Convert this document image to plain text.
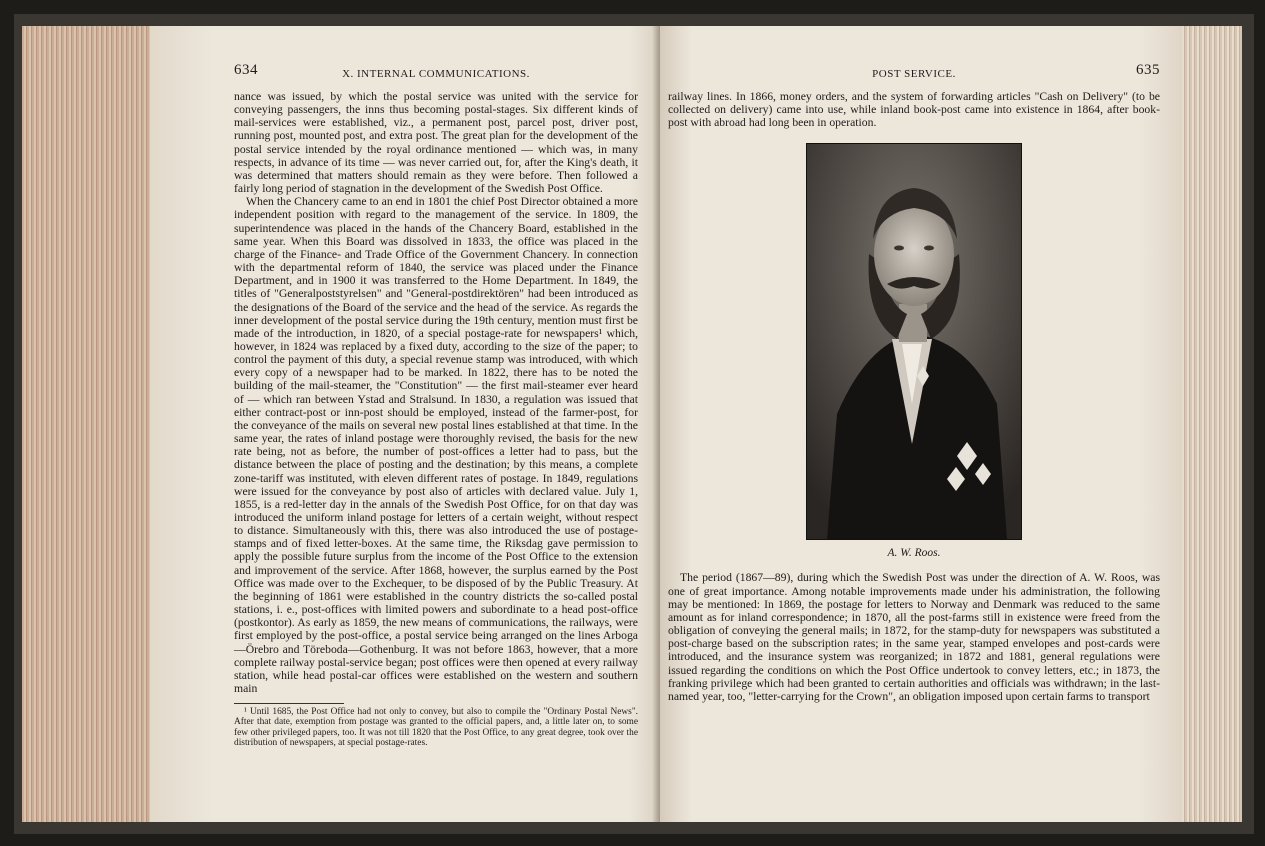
634	X. INTERNAL COMMUNICATIONS.

nance was issued, by which the postal service was united with the service for conveying passengers, the inns thus becoming postal-stages. Six different kinds of mail-services were established, viz., a permanent post, parcel post, driver post, running post, mounted post, and extra post. The great plan for the development of the postal service intended by the royal ordinance mentioned — which was, in many respects, in advance of its time — was never carried out, for, after the King's death, it was determined that matters should remain as they were before. Then followed a fairly long period of stagnation in the development of the Swedish Post Office.

When the Chancery came to an end in 1801 the chief Post Director obtained a more independent position with regard to the management of the service. In 1809, the superintendence was placed in the hands of the Chancery Board, established in the same year. When this Board was dissolved in 1833, the office was placed in the charge of the Finance- and Trade Office of the Government Chancery. In connection with the departmental reform of 1840, the service was placed under the Finance Department, and in 1900 it was transferred to the Home Department. In 1849, the titles of "Generalpoststyrelsen" and "General-postdirektören" had been introduced as the designations of the Board of the service and the head of the service. As regards the inner development of the postal service during the 19th century, mention must first be made of the introduction, in 1820, of a special postage-rate for newspapers¹ which, however, in 1824 was replaced by a fixed duty, according to the size of the paper; to control the payment of this duty, a special revenue stamp was introduced, with which every copy of a newspaper had to be marked. In 1822, there has to be noted the building of the mail-steamer, the "Constitution" — the first mail-steamer ever heard of — which ran between Ystad and Stralsund. In 1830, a regulation was issued that either contract-post or inn-post should be employed, instead of the farmer-post, for the conveyance of the mails on several new postal lines established at that time. In the same year, the rates of inland postage were thoroughly revised, the basis for the new rate being, not as before, the number of post-offices a letter had to pass, but the distance between the place of posting and the destination; by this means, a complete zone-tariff was instituted, with eleven different rates of postage. In 1849, regulations were issued for the conveyance by post also of articles with declared value. July 1, 1855, is a red-letter day in the annals of the Swedish Post Office, for on that day was introduced the uniform inland postage for letters of a certain weight, without respect to distance. Simultaneously with this, there was also introduced the use of postage-stamps and of fixed letter-boxes. At the same time, the Riksdag gave permission to apply the possible future surplus from the income of the Post Office to the extension and improvement of the service. After 1868, however, the surplus earned by the Post Office was made over to the Exchequer, to be disposed of by the Public Treasury. At the beginning of 1861 were established in the country districts the so-called postal stations, i. e., post-offices with limited powers and subordinate to a head post-office (postkontor). As early as 1859, the new means of communications, the railways, were first employed by the post-office, a postal service being arranged on the lines Arboga—Örebro and Töreboda—Gothenburg. It was not before 1863, however, that a more complete railway postal-service began; post offices were then opened at every railway station, while head postal-car offices were established on the western and southern main

¹ Until 1685, the Post Office had not only to convey, but also to compile the "Ordinary Postal News". After that date, exemption from postage was granted to the official papers, and, a little later on, to some few other privileged papers, too. It was not till 1820 that the Post Office, to any great degree, took over the distribution of newspapers, at special postage-rates.
POST SERVICE.	635

railway lines. In 1866, money orders, and the system of forwarding articles "Cash on Delivery" (to be collected on delivery) came into use, while inland book-post came into existence in 1864, after book-post with abroad had long been in operation.

A. W. Roos.

The period (1867—89), during which the Swedish Post was under the direction of A. W. Roos, was one of great importance. Among notable improvements made under his administration, the following may be mentioned: In 1869, the postage for letters to Norway and Denmark was reduced to the same amount as for inland correspondence; in 1870, all the post-farms still in existence were freed from the obligation of conveying the general mails; in 1872, for the stamp-duty for newspapers was substituted a post-charge based on the subscription rates; in the same year, stamped envelopes and post-cards were introduced, and the insurance system was reorganized; in 1872 and 1881, general regulations were issued regarding the conditions on which the Post Office undertook to convey letters, etc.; in 1873, the franking privilege which had been granted to certain authorities and officials was withdrawn; in the last-named year, too, "letter-carrying for the Crown", an obligation imposed upon certain farms to transport
